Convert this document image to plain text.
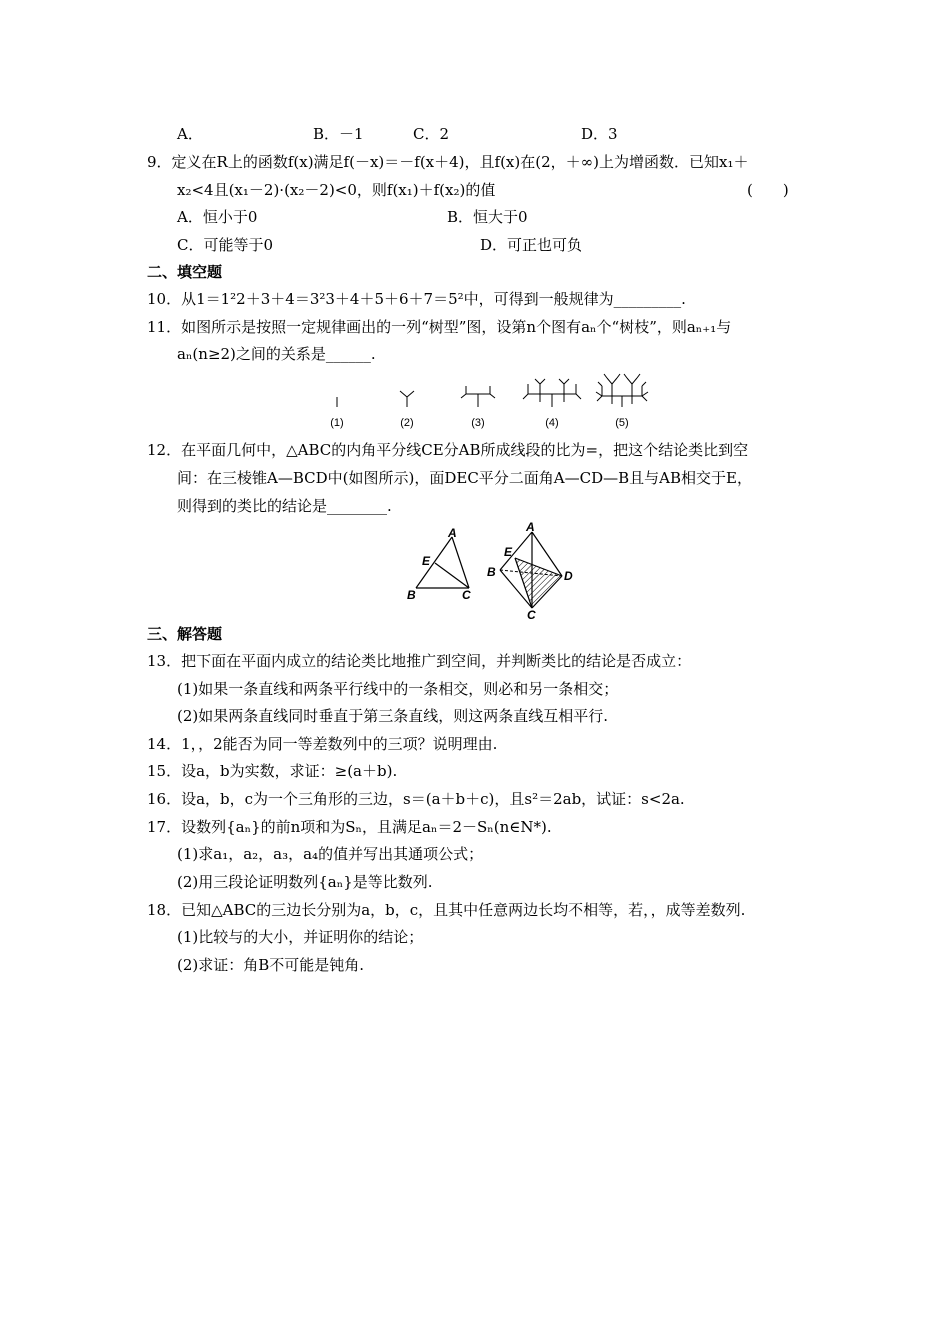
A．	B．－1	C．2	D．3
9．定义在R上的函数f(x)满足f(－x)＝－f(x＋4)，且f(x)在(2，＋∞)上为增函数．已知x₁＋
x₂<4且(x₁－2)·(x₂－2)<0，则f(x₁)＋f(x₂)的值	(　　)
A．恒小于0	B．恒大于0
C．可能等于0	D．可正也可负
二、填空题
10．从1＝1²2＋3＋4＝3²3＋4＋5＋6＋7＝5²中，可得到一般规律为_________.
11．如图所示是按照一定规律画出的一列“树型”图，设第n个图有aₙ个“树枝”，则aₙ₊₁与
aₙ(n≥2)之间的关系是______.
(1)	(2)	(3)	(4)	(5)
12．在平面几何中，△ABC的内角平分线CE分AB所成线段的比为=，把这个结论类比到空
间：在三棱锥A—BCD中(如图所示)，面DEC平分二面角A—CD—B且与AB相交于E，
则得到的类比的结论是________.
A
E
B	C
A
E
B	D
C
三、解答题
13．把下面在平面内成立的结论类比地推广到空间，并判断类比的结论是否成立：
(1)如果一条直线和两条平行线中的一条相交，则必和另一条相交；
(2)如果两条直线同时垂直于第三条直线，则这两条直线互相平行.
14．1，，2能否为同一等差数列中的三项？说明理由.
15．设a，b为实数，求证：≥(a＋b).
16．设a，b，c为一个三角形的三边，s＝(a＋b＋c)，且s²＝2ab，试证：s<2a.
17．设数列{aₙ}的前n项和为Sₙ，且满足aₙ＝2－Sₙ(n∈N*).
(1)求a₁，a₂，a₃，a₄的值并写出其通项公式；
(2)用三段论证明数列{aₙ}是等比数列.
18．已知△ABC的三边长分别为a，b，c，且其中任意两边长均不相等，若，，成等差数列.
(1)比较与的大小，并证明你的结论；
(2)求证：角B不可能是钝角.
